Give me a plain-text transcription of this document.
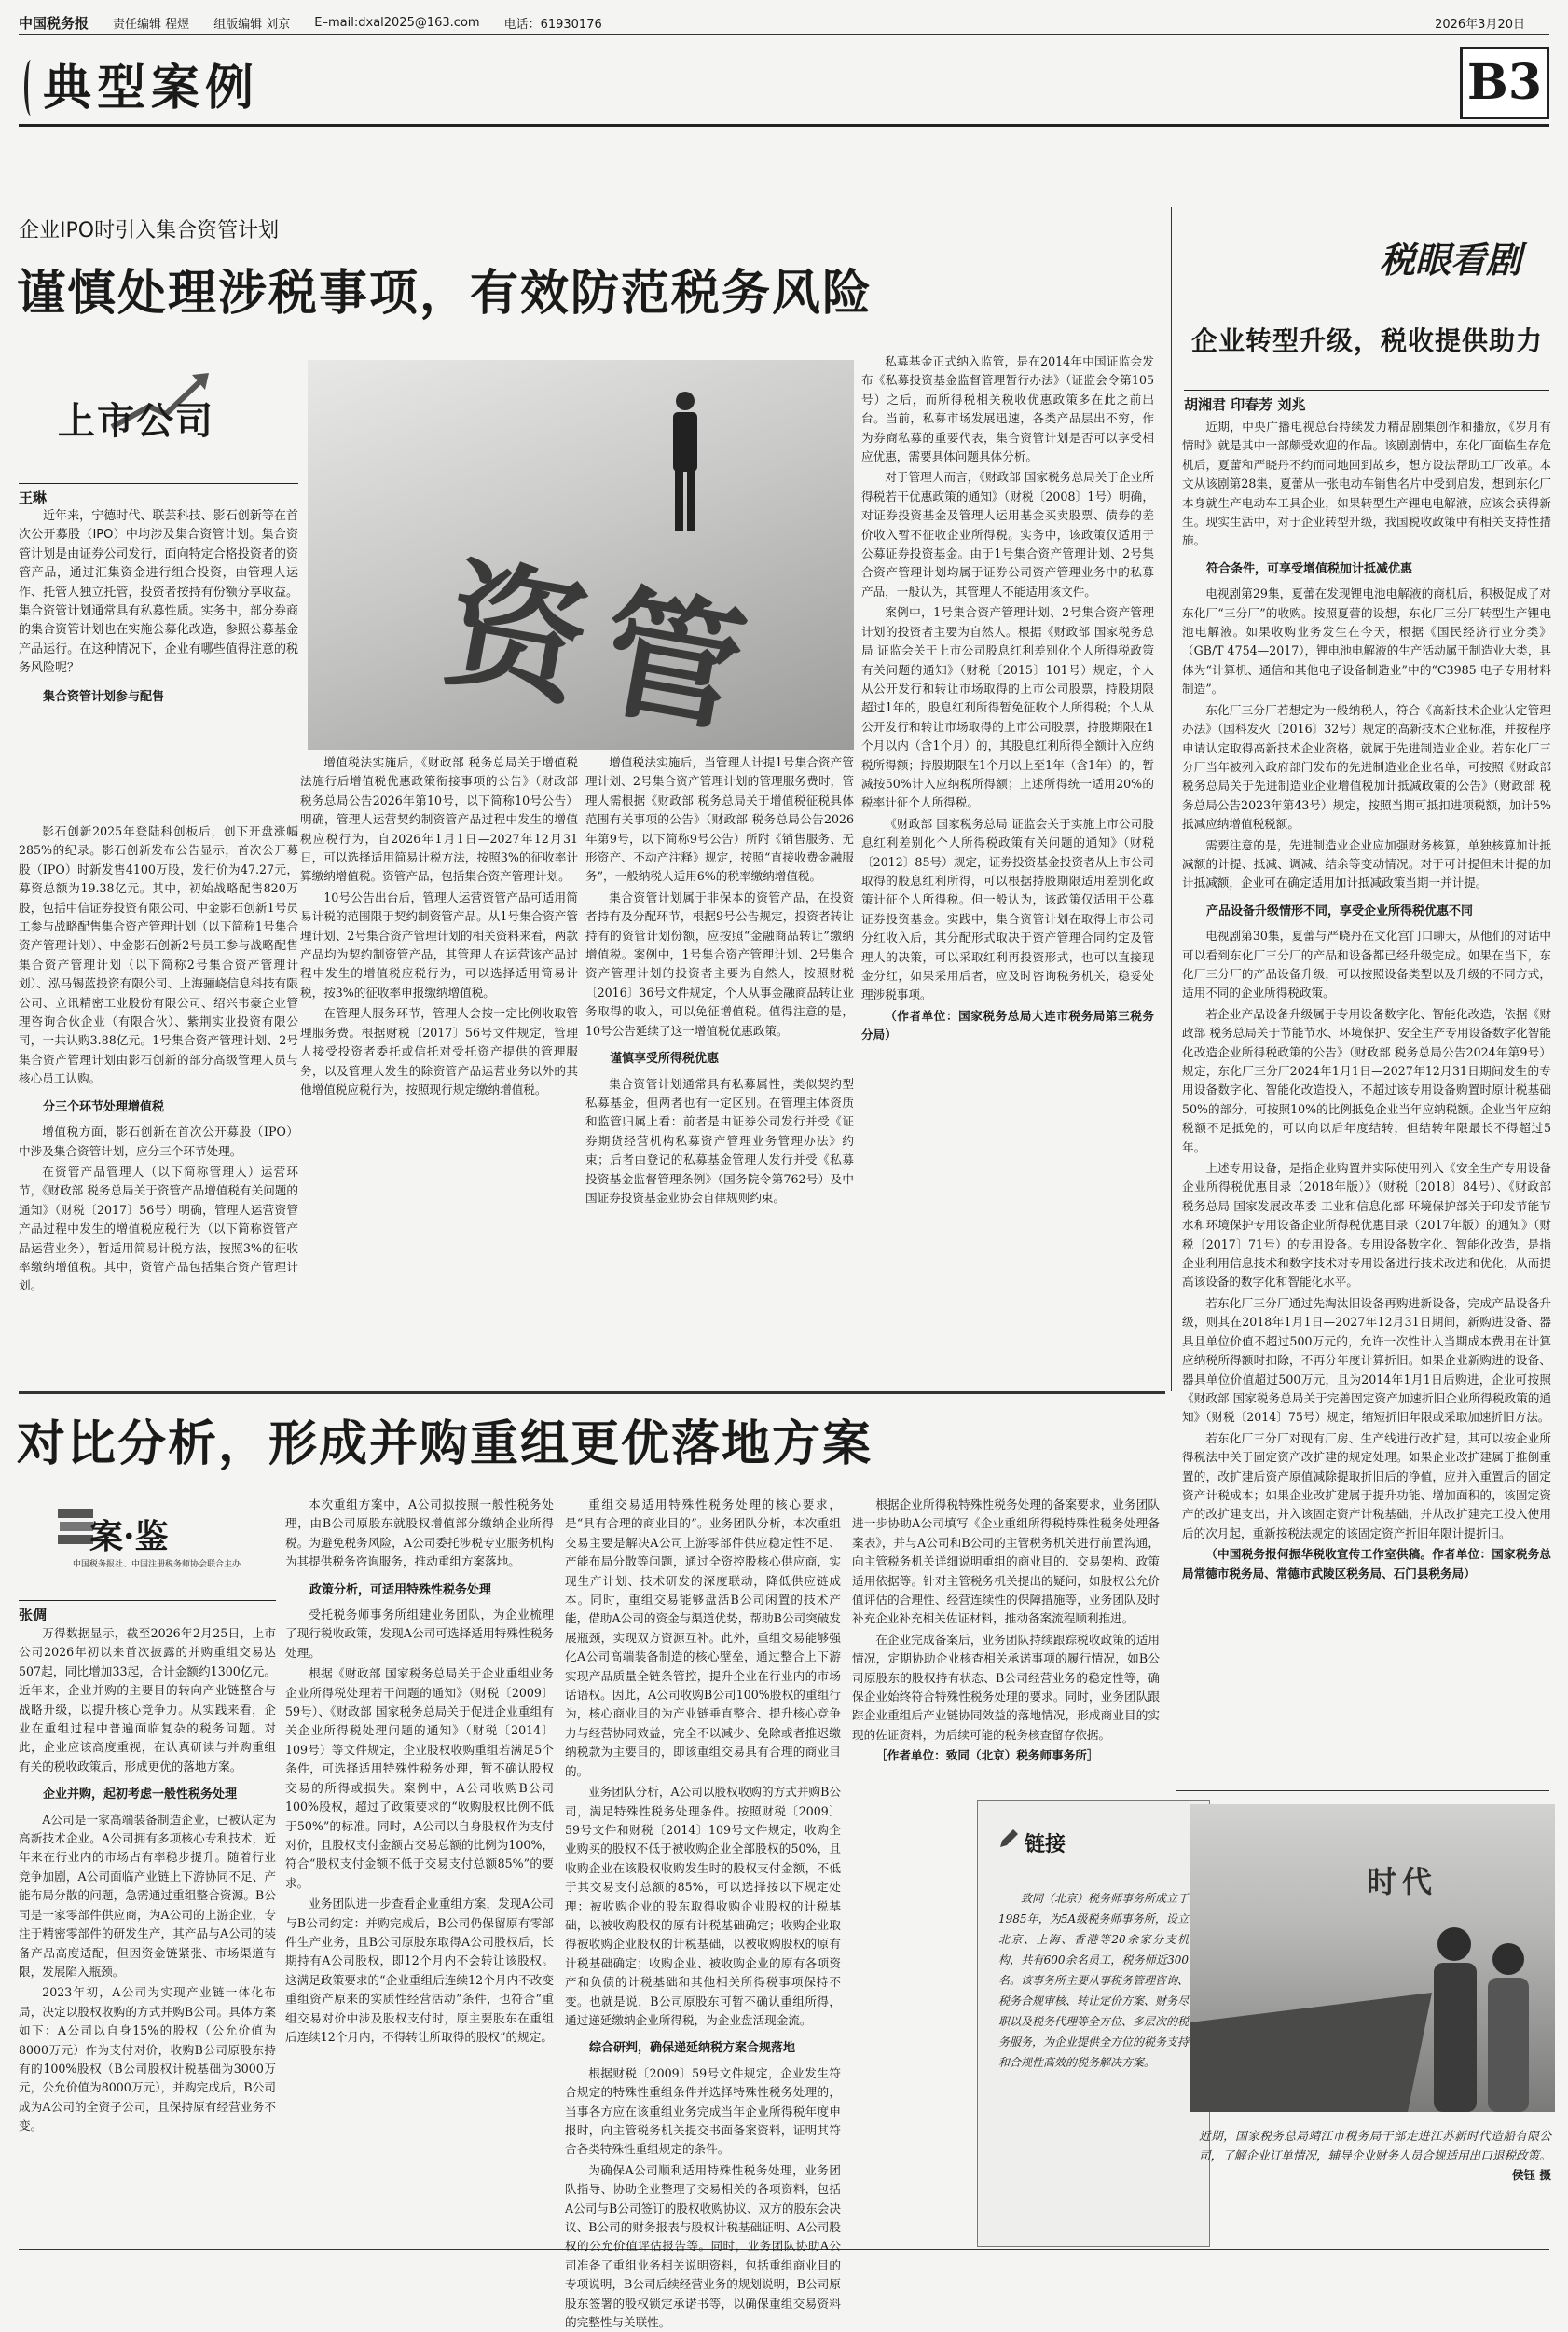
中国税务报 责任编辑 程煜 组版编辑 刘京 E–mail:dxal2025@163.com 电话：61930176	2026年3月20日
典型案例	B3
企业IPO时引入集合资管计划
谨慎处理涉税事项，有效防范税务风险
上市公司
王琳

近年来，宁德时代、联芸科技、影石创新等在首次公开募股（IPO）中均涉及集合资管计划。集合资管计划是由证券公司发行，面向特定合格投资者的资管产品，通过汇集资金进行组合投资，由管理人运作、托管人独立托管，投资者按持有份额分享收益。集合资管计划通常具有私募性质。实务中，部分券商的集合资管计划也在实施公募化改造，参照公募基金产品运行。在这种情况下，企业有哪些值得注意的税务风险呢？

集合资管计划参与配售	资管

影石创新2025年登陆科创板后，创下开盘涨幅285%的纪录。影石创新发布公告显示，首次公开募股（IPO）时新发售4100万股，发行价为47.27元，募资总额为19.38亿元。其中，初始战略配售820万股，包括中信证券投资有限公司、中金影石创新1号员工参与战略配售集合资产管理计划（以下简称1号集合资产管理计划）、中金影石创新2号员工参与战略配售集合资产管理计划（以下简称2号集合资产管理计划）、泓马锡蓝投资有限公司、上海骊峣信息科技有限公司、立讯精密工业股份有限公司、绍兴韦豪企业管理咨询合伙企业（有限合伙）、紫荆实业投资有限公司，一共认购3.88亿元。1号集合资产管理计划、2号集合资产管理计划由影石创新的部分高级管理人员与核心员工认购。

分三个环节处理增值税

增值税方面，影石创新在首次公开募股（IPO）中涉及集合资管计划，应分三个环节处理。

在资管产品管理人（以下简称管理人）运营环节，《财政部 税务总局关于资管产品增值税有关问题的通知》（财税〔2017〕56号）明确，管理人运营资管产品过程中发生的增值税应税行为（以下简称资管产品运营业务），暂适用简易计税方法，按照3%的征收率缴纳增值税。其中，资管产品包括集合资产管理计划。

增值税法实施后，《财政部 税务总局关于增值税法施行后增值税优惠政策衔接事项的公告》（财政部 税务总局公告2026年第10号，以下简称10号公告）明确，管理人运营契约制资管产品过程中发生的增值税应税行为，自2026年1月1日—2027年12月31日，可以选择适用简易计税方法，按照3%的征收率计算缴纳增值税。资管产品，包括集合资产管理计划。

10号公告出台后，管理人运营资管产品可适用简易计税的范围限于契约制资管产品。从1号集合资产管理计划、2号集合资产管理计划的相关资料来看，两款产品均为契约制资管产品，其管理人在运营该产品过程中发生的增值税应税行为，可以选择适用简易计税，按3%的征收率申报缴纳增值税。

在管理人服务环节，管理人会按一定比例收取管理服务费。根据财税〔2017〕56号文件规定，管理人接受投资者委托或信托对受托资产提供的管理服务，以及管理人发生的除资管产品运营业务以外的其他增值税应税行为，按照现行规定缴纳增值税。

增值税法实施后，当管理人计提1号集合资产管理计划、2号集合资产管理计划的管理服务费时，管理人需根据《财政部 税务总局关于增值税征税具体范围有关事项的公告》（财政部 税务总局公告2026年第9号，以下简称9号公告）所附《销售服务、无形资产、不动产注释》规定，按照“直接收费金融服务”，一般纳税人适用6%的税率缴纳增值税。

集合资管计划属于非保本的资管产品，在投资者持有及分配环节，根据9号公告规定，投资者转让持有的资管计划份额，应按照“金融商品转让”缴纳增值税。案例中，1号集合资产管理计划、2号集合资产管理计划的投资者主要为自然人，按照财税〔2016〕36号文件规定，个人从事金融商品转让业务取得的收入，可以免征增值税。值得注意的是，10号公告延续了这一增值税优惠政策。

谨慎享受所得税优惠

集合资管计划通常具有私募属性，类似契约型私募基金，但两者也有一定区别。在管理主体资质和监管归属上看：前者是由证券公司发行并受《证券期货经营机构私募资产管理业务管理办法》约束；后者由登记的私募基金管理人发行并受《私募投资基金监督管理条例》（国务院令第762号）及中国证券投资基金业协会自律规则约束。

私募基金正式纳入监管，是在2014年中国证监会发布《私募投资基金监督管理暂行办法》（证监会令第105号）之后，而所得税相关税收优惠政策多在此之前出台。当前，私募市场发展迅速，各类产品层出不穷，作为券商私募的重要代表，集合资管计划是否可以享受相应优惠，需要具体问题具体分析。

对于管理人而言，《财政部 国家税务总局关于企业所得税若干优惠政策的通知》（财税〔2008〕1号）明确，对证券投资基金及管理人运用基金买卖股票、债券的差价收入暂不征收企业所得税。实务中，该政策仅适用于公募证券投资基金。由于1号集合资产管理计划、2号集合资产管理计划均属于证券公司资产管理业务中的私募产品，一般认为，其管理人不能适用该文件。

案例中，1号集合资产管理计划、2号集合资产管理计划的投资者主要为自然人。根据《财政部 国家税务总局 证监会关于上市公司股息红利差别化个人所得税政策有关问题的通知》（财税〔2015〕101号）规定，个人从公开发行和转让市场取得的上市公司股票，持股期限超过1年的，股息红利所得暂免征收个人所得税；个人从公开发行和转让市场取得的上市公司股票，持股期限在1个月以内（含1个月）的，其股息红利所得全额计入应纳税所得额；持股期限在1个月以上至1年（含1年）的，暂减按50%计入应纳税所得额；上述所得统一适用20%的税率计征个人所得税。

《财政部 国家税务总局 证监会关于实施上市公司股息红利差别化个人所得税政策有关问题的通知》（财税〔2012〕85号）规定，证券投资基金投资者从上市公司取得的股息红利所得，可以根据持股期限适用差别化政策计征个人所得税。但一般认为，该政策仅适用于公募证券投资基金。实践中，集合资管计划在取得上市公司分红收入后，其分配形式取决于资产管理合同约定及管理人的决策，可以采取红利再投资形式，也可以直接现金分红，如果采用后者，应及时咨询税务机关，稳妥处理涉税事项。

（作者单位：国家税务总局大连市税务局第三税务分局）

税眼看剧
企业转型升级，税收提供助力
胡湘君 印春芳 刘兆

近期，中央广播电视总台持续发力精品剧集创作和播放，《岁月有情时》就是其中一部颇受欢迎的作品。该剧剧情中，东化厂面临生存危机后，夏蕾和严晓丹不约而同地回到故乡，想方设法帮助工厂改革。本文从该剧第28集，夏蕾从一张电动车销售名片中受到启发，想到东化厂本身就生产电动车工具企业，如果转型生产锂电电解液，应该会获得新生。现实生活中，对于企业转型升级，我国税收政策中有相关支持性措施。

符合条件，可享受增值税加计抵减优惠

电视剧第29集，夏蕾在发现锂电池电解液的商机后，积极促成了对东化厂“三分厂”的收购。按照夏蕾的设想，东化厂三分厂转型生产锂电池电解液。如果收购业务发生在今天，根据《国民经济行业分类》（GB/T 4754—2017），锂电池电解液的生产活动属于制造业大类，具体为“计算机、通信和其他电子设备制造业”中的“C3985 电子专用材料制造”。

东化厂三分厂若想定为一般纳税人，符合《高新技术企业认定管理办法》（国科发火〔2016〕32号）规定的高新技术企业标准，并按程序申请认定取得高新技术企业资格，就属于先进制造业企业。若东化厂三分厂当年被列入政府部门发布的先进制造业企业名单，可按照《财政部 税务总局关于先进制造业企业增值税加计抵减政策的公告》（财政部 税务总局公告2023年第43号）规定，按照当期可抵扣进项税额，加计5%抵减应纳增值税税额。

需要注意的是，先进制造业企业应加强财务核算，单独核算加计抵减额的计提、抵减、调减、结余等变动情况。对于可计提但未计提的加计抵减额，企业可在确定适用加计抵减政策当期一并计提。

产品设备升级情形不同，享受企业所得税优惠不同

电视剧第30集，夏蕾与严晓丹在文化宫门口聊天，从他们的对话中可以看到东化厂三分厂的产品和设备都已经升级完成。如果在当下，东化厂三分厂的产品设备升级，可以按照设备类型以及升级的不同方式，适用不同的企业所得税政策。

若企业产品设备升级属于专用设备数字化、智能化改造，依据《财政部 税务总局关于节能节水、环境保护、安全生产专用设备数字化智能化改造企业所得税政策的公告》（财政部 税务总局公告2024年第9号）规定，东化厂三分厂2024年1月1日—2027年12月31日期间发生的专用设备数字化、智能化改造投入，不超过该专用设备购置时原计税基础50%的部分，可按照10%的比例抵免企业当年应纳税额。企业当年应纳税额不足抵免的，可以向以后年度结转，但结转年限最长不得超过5年。

上述专用设备，是指企业购置并实际使用列入《安全生产专用设备企业所得税优惠目录（2018年版）》（财税〔2018〕84号）、《财政部 税务总局 国家发展改革委 工业和信息化部 环境保护部关于印发节能节水和环境保护专用设备企业所得税优惠目录（2017年版）的通知》（财税〔2017〕71号）的专用设备。专用设备数字化、智能化改造，是指企业利用信息技术和数字技术对专用设备进行技术改进和优化，从而提高该设备的数字化和智能化水平。

若东化厂三分厂通过先淘汰旧设备再购进新设备，完成产品设备升级，则其在2018年1月1日—2027年12月31日期间，新购进设备、器具且单位价值不超过500万元的，允许一次性计入当期成本费用在计算应纳税所得额时扣除，不再分年度计算折旧。如果企业新购进的设备、器具单位价值超过500万元，且为2014年1月1日后购进，企业可按照《财政部 国家税务总局关于完善固定资产加速折旧企业所得税政策的通知》（财税〔2014〕75号）规定，缩短折旧年限或采取加速折旧方法。

若东化厂三分厂对现有厂房、生产线进行改扩建，其可以按企业所得税法中关于固定资产改扩建的规定处理。如果企业改扩建属于推倒重置的，改扩建后资产原值减除提取折旧后的净值，应并入重置后的固定资产计税成本；如果企业改扩建属于提升功能、增加面积的，该固定资产的改扩建支出，并入该固定资产计税基础，并从改扩建完工投入使用后的次月起，重新按税法规定的该固定资产折旧年限计提折旧。

（中国税务报何振华税收宣传工作室供稿。作者单位：国家税务总局常德市税务局、常德市武陵区税务局、石门县税务局）

对比分析，形成并购重组更优落地方案
案·鉴
中国税务报社、中国注册税务师协会联合主办
张倜

万得数据显示，截至2026年2月25日，上市公司2026年初以来首次披露的并购重组交易达507起，同比增加33起，合计金额约1300亿元。近年来，企业并购的主要目的转向产业链整合与战略升级，以提升核心竞争力。从实践来看，企业在重组过程中普遍面临复杂的税务问题。对此，企业应该高度重视，在认真研读与并购重组有关的税收政策后，形成更优的落地方案。

企业并购，起初考虑一般性税务处理

A公司是一家高端装备制造企业，已被认定为高新技术企业。A公司拥有多项核心专利技术，近年来在行业内的市场占有率稳步提升。随着行业竞争加剧，A公司面临产业链上下游协同不足、产能布局分散的问题，急需通过重组整合资源。B公司是一家零部件供应商，为A公司的上游企业，专注于精密零部件的研发生产，其产品与A公司的装备产品高度适配，但因资金链紧张、市场渠道有限，发展陷入瓶颈。

2023年初，A公司为实现产业链一体化布局，决定以股权收购的方式并购B公司。具体方案如下：A公司以自身15%的股权（公允价值为8000万元）作为支付对价，收购B公司原股东持有的100%股权（B公司股权计税基础为3000万元，公允价值为8000万元），并购完成后，B公司成为A公司的全资子公司，且保持原有经营业务不变。

本次重组方案中，A公司拟按照一般性税务处理，由B公司原股东就股权增值部分缴纳企业所得税。为避免税务风险，A公司委托涉税专业服务机构为其提供税务咨询服务，推动重组方案落地。

政策分析，可适用特殊性税务处理

受托税务师事务所组建业务团队，为企业梳理了现行税收政策，发现A公司可选择适用特殊性税务处理。

根据《财政部 国家税务总局关于企业重组业务企业所得税处理若干问题的通知》（财税〔2009〕59号）、《财政部 国家税务总局关于促进企业重组有关企业所得税处理问题的通知》（财税〔2014〕109号）等文件规定，企业股权收购重组若满足5个条件，可选择适用特殊性税务处理，暂不确认股权交易的所得或损失。案例中，A公司收购B公司100%股权，超过了政策要求的“收购股权比例不低于50%”的标准。同时，A公司以自身股权作为支付对价，且股权支付金额占交易总额的比例为100%，符合“股权支付金额不低于交易支付总额85%”的要求。

业务团队进一步查看企业重组方案，发现A公司与B公司约定：并购完成后，B公司仍保留原有零部件生产业务，且B公司原股东取得A公司股权后，长期持有A公司股权，即12个月内不会转让该股权。这满足政策要求的“企业重组后连续12个月内不改变重组资产原来的实质性经营活动”条件，也符合“重组交易对价中涉及股权支付时，原主要股东在重组后连续12个月内，不得转让所取得的股权”的规定。

重组交易适用特殊性税务处理的核心要求，是“具有合理的商业目的”。业务团队分析，本次重组交易主要是解决A公司上游零部件供应稳定性不足、产能布局分散等问题，通过全资控股核心供应商，实现生产计划、技术研发的深度联动，降低供应链成本。同时，重组交易能够盘活B公司闲置的技术产能，借助A公司的资金与渠道优势，帮助B公司突破发展瓶颈，实现双方资源互补。此外，重组交易能够强化A公司高端装备制造的核心壁垒，通过整合上下游实现产品质量全链条管控，提升企业在行业内的市场话语权。因此，A公司收购B公司100%股权的重组行为，核心商业目的为产业链垂直整合、提升核心竞争力与经营协同效益，完全不以减少、免除或者推迟缴纳税款为主要目的，即该重组交易具有合理的商业目的。

业务团队分析，A公司以股权收购的方式并购B公司，满足特殊性税务处理条件。按照财税〔2009〕59号文件和财税〔2014〕109号文件规定，收购企业购买的股权不低于被收购企业全部股权的50%，且收购企业在该股权收购发生时的股权支付金额，不低于其交易支付总额的85%，可以选择按以下规定处理：被收购企业的股东取得收购企业股权的计税基础，以被收购股权的原有计税基础确定；收购企业取得被收购企业股权的计税基础，以被收购股权的原有计税基础确定；收购企业、被收购企业的原有各项资产和负债的计税基础和其他相关所得税事项保持不变。也就是说，B公司原股东可暂不确认重组所得，通过递延缴纳企业所得税，为企业盘活现金流。

综合研判，确保递延纳税方案合规落地

根据财税〔2009〕59号文件规定，企业发生符合规定的特殊性重组条件并选择特殊性税务处理的，当事各方应在该重组业务完成当年企业所得税年度申报时，向主管税务机关提交书面备案资料，证明其符合各类特殊性重组规定的条件。

为确保A公司顺利适用特殊性税务处理，业务团队指导、协助企业整理了交易相关的各项资料，包括A公司与B公司签订的股权收购协议、双方的股东会决议、B公司的财务报表与股权计税基础证明、A公司股权的公允价值评估报告等。同时，业务团队协助A公司准备了重组业务相关说明资料，包括重组商业目的专项说明，B公司后续经营业务的规划说明，B公司原股东签署的股权锁定承诺书等，以确保重组交易资料的完整性与关联性。

根据企业所得税特殊性税务处理的备案要求，业务团队进一步协助A公司填写《企业重组所得税特殊性税务处理备案表》，并与A公司和B公司的主管税务机关进行前置沟通，向主管税务机关详细说明重组的商业目的、交易架构、政策适用依据等。针对主管税务机关提出的疑问，如股权公允价值评估的合理性、经营连续性的保障措施等，业务团队及时补充企业补充相关佐证材料，推动备案流程顺利推进。

在企业完成备案后，业务团队持续跟踪税收政策的适用情况，定期协助企业核查相关承诺事项的履行情况，如B公司原股东的股权持有状态、B公司经营业务的稳定性等，确保企业始终符合特殊性税务处理的要求。同时，业务团队跟踪企业重组后产业链协同效益的落地情况，形成商业目的实现的佐证资料，为后续可能的税务核查留存依据。

［作者单位：致同（北京）税务师事务所］

链接
致同（北京）税务师事务所成立于1985年，为5A级税务师事务所，设立北京、上海、香港等20余家分支机构，共有600余名员工，税务师近300名。该事务所主要从事税务管理咨询、税务合规审核、转让定价方案、财务尽职以及税务代理等全方位、多层次的税务服务，为企业提供全方位的税务支持和合规性高效的税务解决方案。
时代
近期，国家税务总局靖江市税务局干部走进江苏新时代造船有限公司，了解企业订单情况，辅导企业财务人员合规适用出口退税政策。
侯钰 摄
